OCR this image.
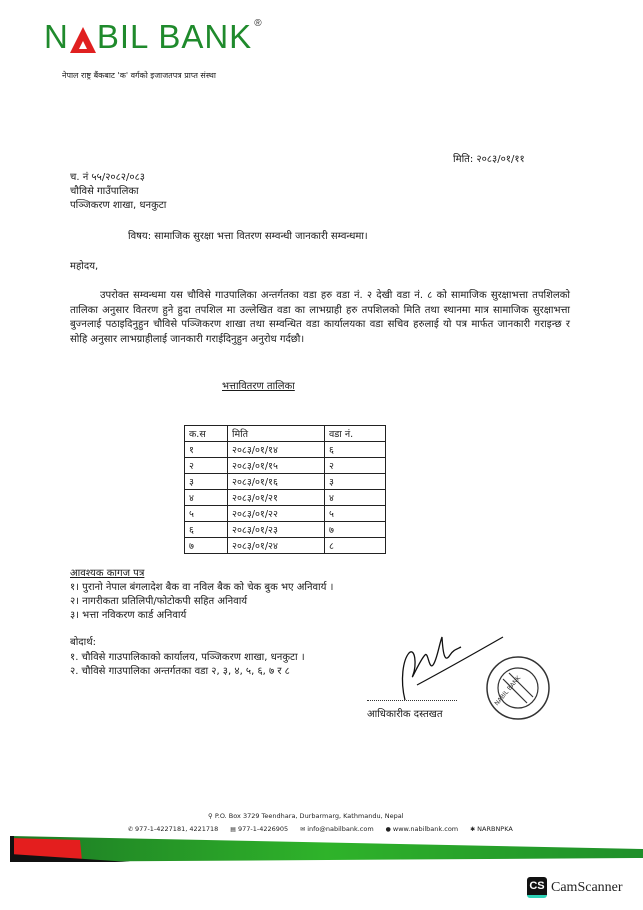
N BIL BANK ®
नेपाल राष्ट्र बैंकबाट 'क' वर्गको इजाजतपत्र प्राप्त संस्था
मिति: २०८३/०१/११
च. नं ५५/२०८२/०८३
चौविसे गाउँपालिका
पञ्जिकरण शाखा, धनकुटा
विषय: सामाजिक सुरक्षा भत्ता वितरण सम्वन्धी जानकारी सम्वन्धमा।
महोदय,
उपरोक्त सम्वन्धमा यस चौविसे गाउपालिका अन्तर्गतका वडा हरु वडा नं. २ देखी वडा नं. ८ को सामाजिक सुरक्षाभत्ता तपशिलको तालिका अनुसार वितरण हुने हुदा तपशिल मा उल्लेखित वडा का लाभग्राही हरु तपशिलको मिति तथा स्थानमा मात्र सामाजिक सुरक्षाभत्ता बुज्नलाई पठाइदिनुहुन चौविसे पञ्जिकरण शाखा तथा सम्वन्धित वडा कार्यालयका वडा सचिव हरुलाई यो पत्र मार्फत जानकारी गराइन्छ र सोहि अनुसार लाभग्राहीलाई जानकारी गराईदिनुहुन अनुरोध गर्दछौ।
भत्तावितरण तालिका
क.स	मिति	वडा नं.
१	२०८३/०१/१४	६
२	२०८३/०१/१५	२
३	२०८३/०१/१६	३
४	२०८३/०१/२१	४
५	२०८३/०१/२२	५
६	२०८३/०१/२३	७
७	२०८३/०१/२४	८
आवश्यक कागज पत्र
१। पुरानो नेपाल बंगलादेश बैक वा नविल बैक को चेक बुक भए अनिवार्य ।
२। नागरीकता प्रतिलिपी/फोटोकपी सहित अनिवार्य
३। भत्ता नविकरण कार्ड अनिवार्य
बोदार्थ:
१. चौविसे गाउपालिकाको कार्यालय, पञ्जिकरण शाखा, धनकुटा ।
२. चौविसे गाउपालिका अन्तर्गतका वडा २, ३, ४, ५, ६, ७ र ८
आधिकारीक दस्तखत
NABIL BANK
⚲ P.O. Box 3729 Teendhara, Durbarmarg, Kathmandu, Nepal
✆ 977-1-4227181, 4221718 ▤ 977-1-4226905 ✉ info@nabilbank.com ● www.nabilbank.com ✱ NARBNPKA
CS CamScanner
